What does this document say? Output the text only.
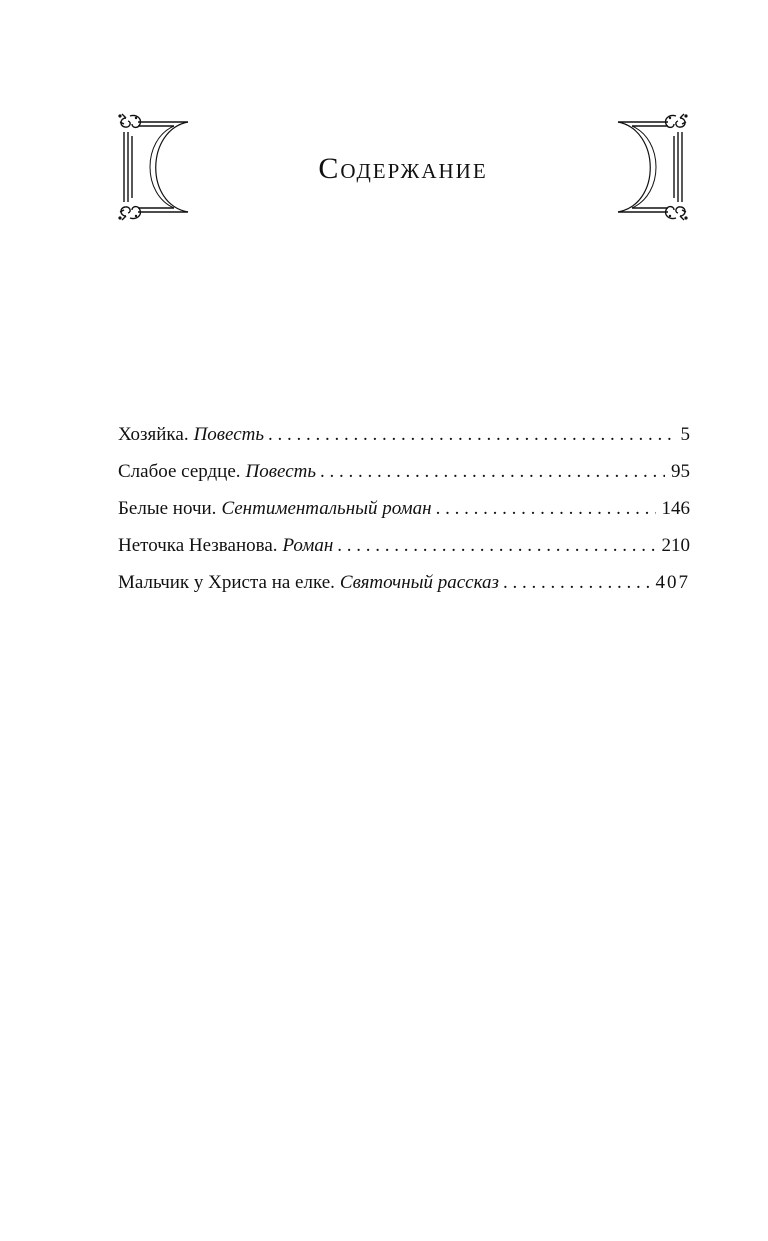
Содержание
Хозяйка. Повесть . . .	5
Слабое сердце. Повесть . . .	95
Белые ночи. Сентиментальный роман . . .	146
Неточка Незванова. Роман . . .	210
Мальчик у Христа на елке. Святочный рассказ . . .	407
